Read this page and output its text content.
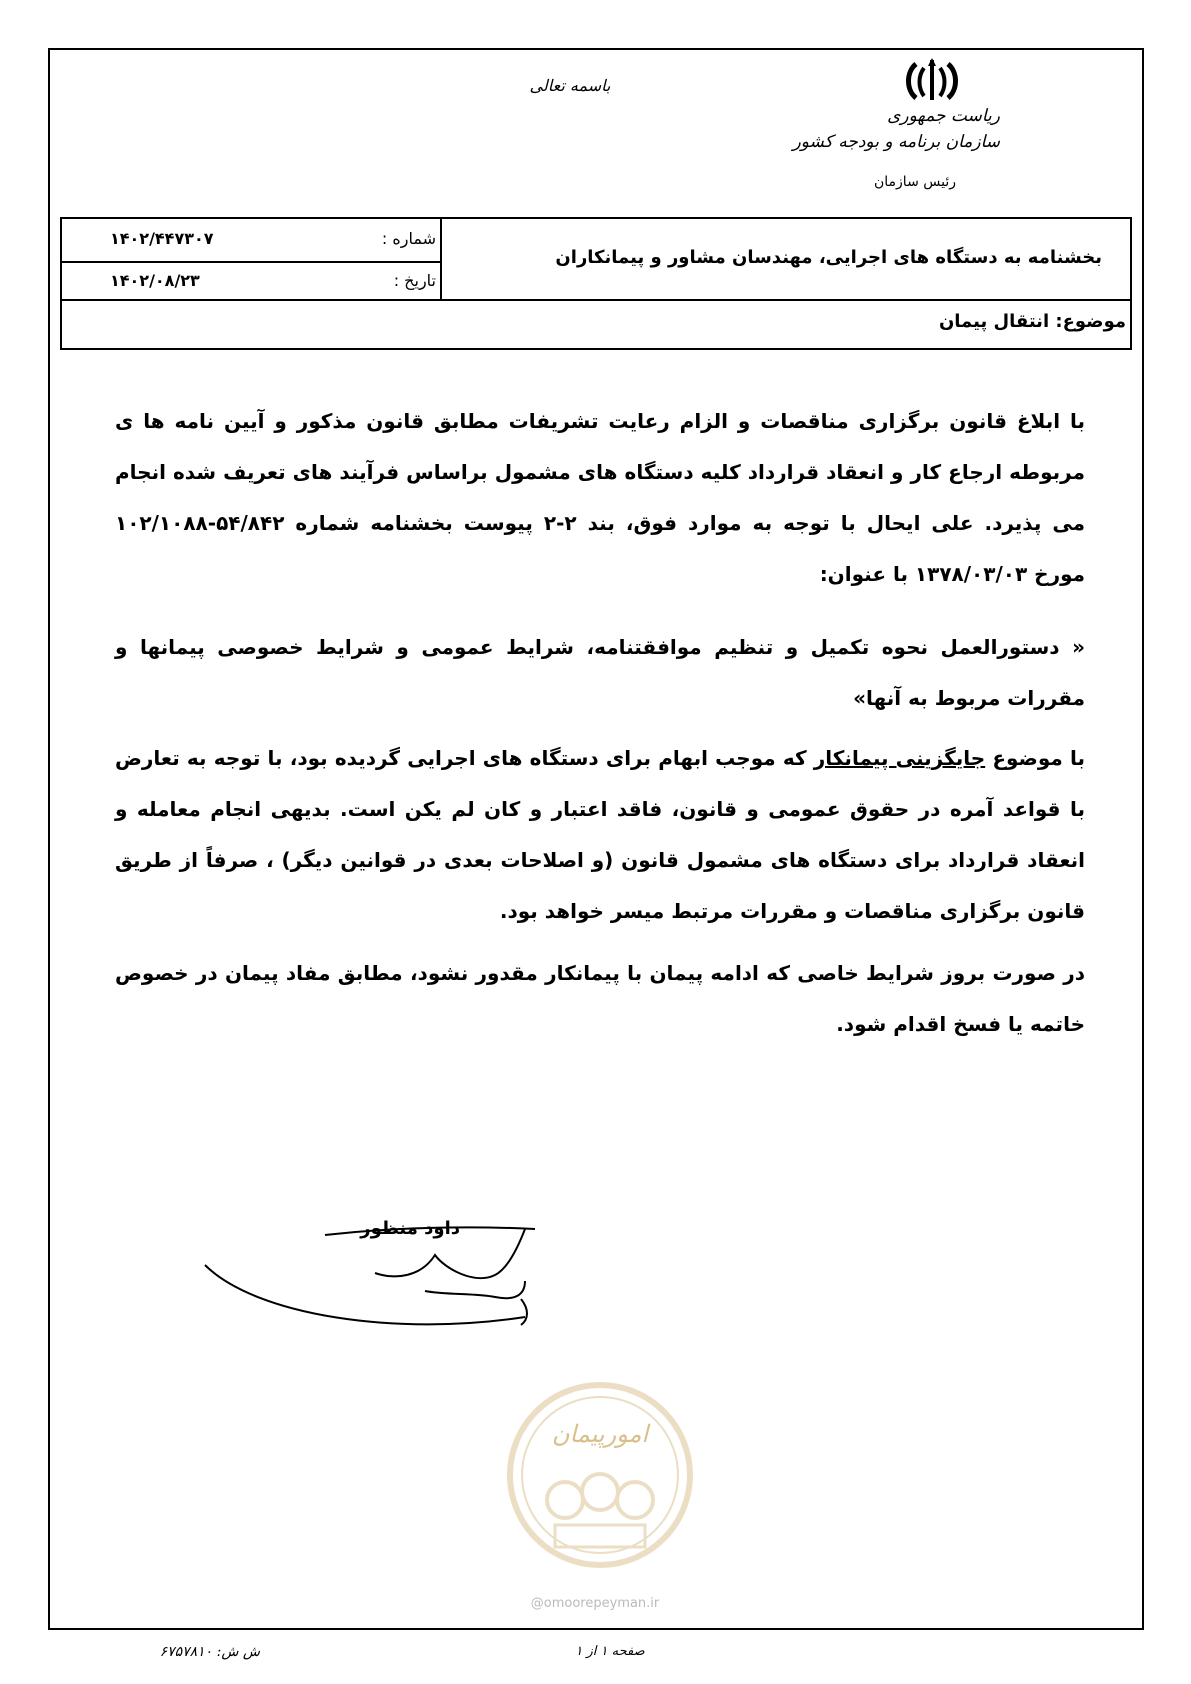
ریاست جمهوری
سازمان برنامه و بودجه کشور
رئیس سازمان
باسمه تعالی
شماره :
۱۴۰۲/۴۴۷۳۰۷
تاریخ :
۱۴۰۲/۰۸/۲۳
بخشنامه به دستگاه های اجرایی، مهندسان مشاور و پیمانکاران
موضوع: انتقال پیمان
با ابلاغ قانون برگزاری مناقصات و الزام رعایت تشریفات مطابق قانون مذکور و آیین نامه ها ی مربوطه ارجاع کار و انعقاد قرارداد کلیه دستگاه های مشمول براساس فرآیند های تعریف شده انجام می پذیرد. علی ایحال با توجه به موارد فوق، بند ۲-۲ پیوست بخشنامه شماره ۵۴/۸۴۲-۱۰۲/۱۰۸۸ مورخ ۱۳۷۸/۰۳/۰۳ با عنوان:
« دستورالعمل نحوه تکمیل و تنظیم موافقتنامه، شرایط عمومی و شرایط خصوصی پیمانها و مقررات مربوط به آنها»
با موضوع جایگزینی پیمانکار که موجب ابهام برای دستگاه های اجرایی گردیده بود، با توجه به تعارض با قواعد آمره در حقوق عمومی و قانون، فاقد اعتبار و کان لم یکن است. بدیهی انجام معامله و انعقاد قرارداد برای دستگاه های مشمول قانون (و اصلاحات بعدی در قوانین دیگر) ، صرفاً از طریق قانون برگزاری مناقصات و مقررات مرتبط میسر خواهد بود.
در صورت بروز شرایط خاصی که ادامه پیمان با پیمانکار مقدور نشود، مطابق مفاد پیمان در خصوص خاتمه یا فسخ اقدام شود.
داود منظور
امورپیمان
@omoorepeyman.ir
صفحه ۱ از ۱
ش ش: ۶۷۵۷۸۱۰
